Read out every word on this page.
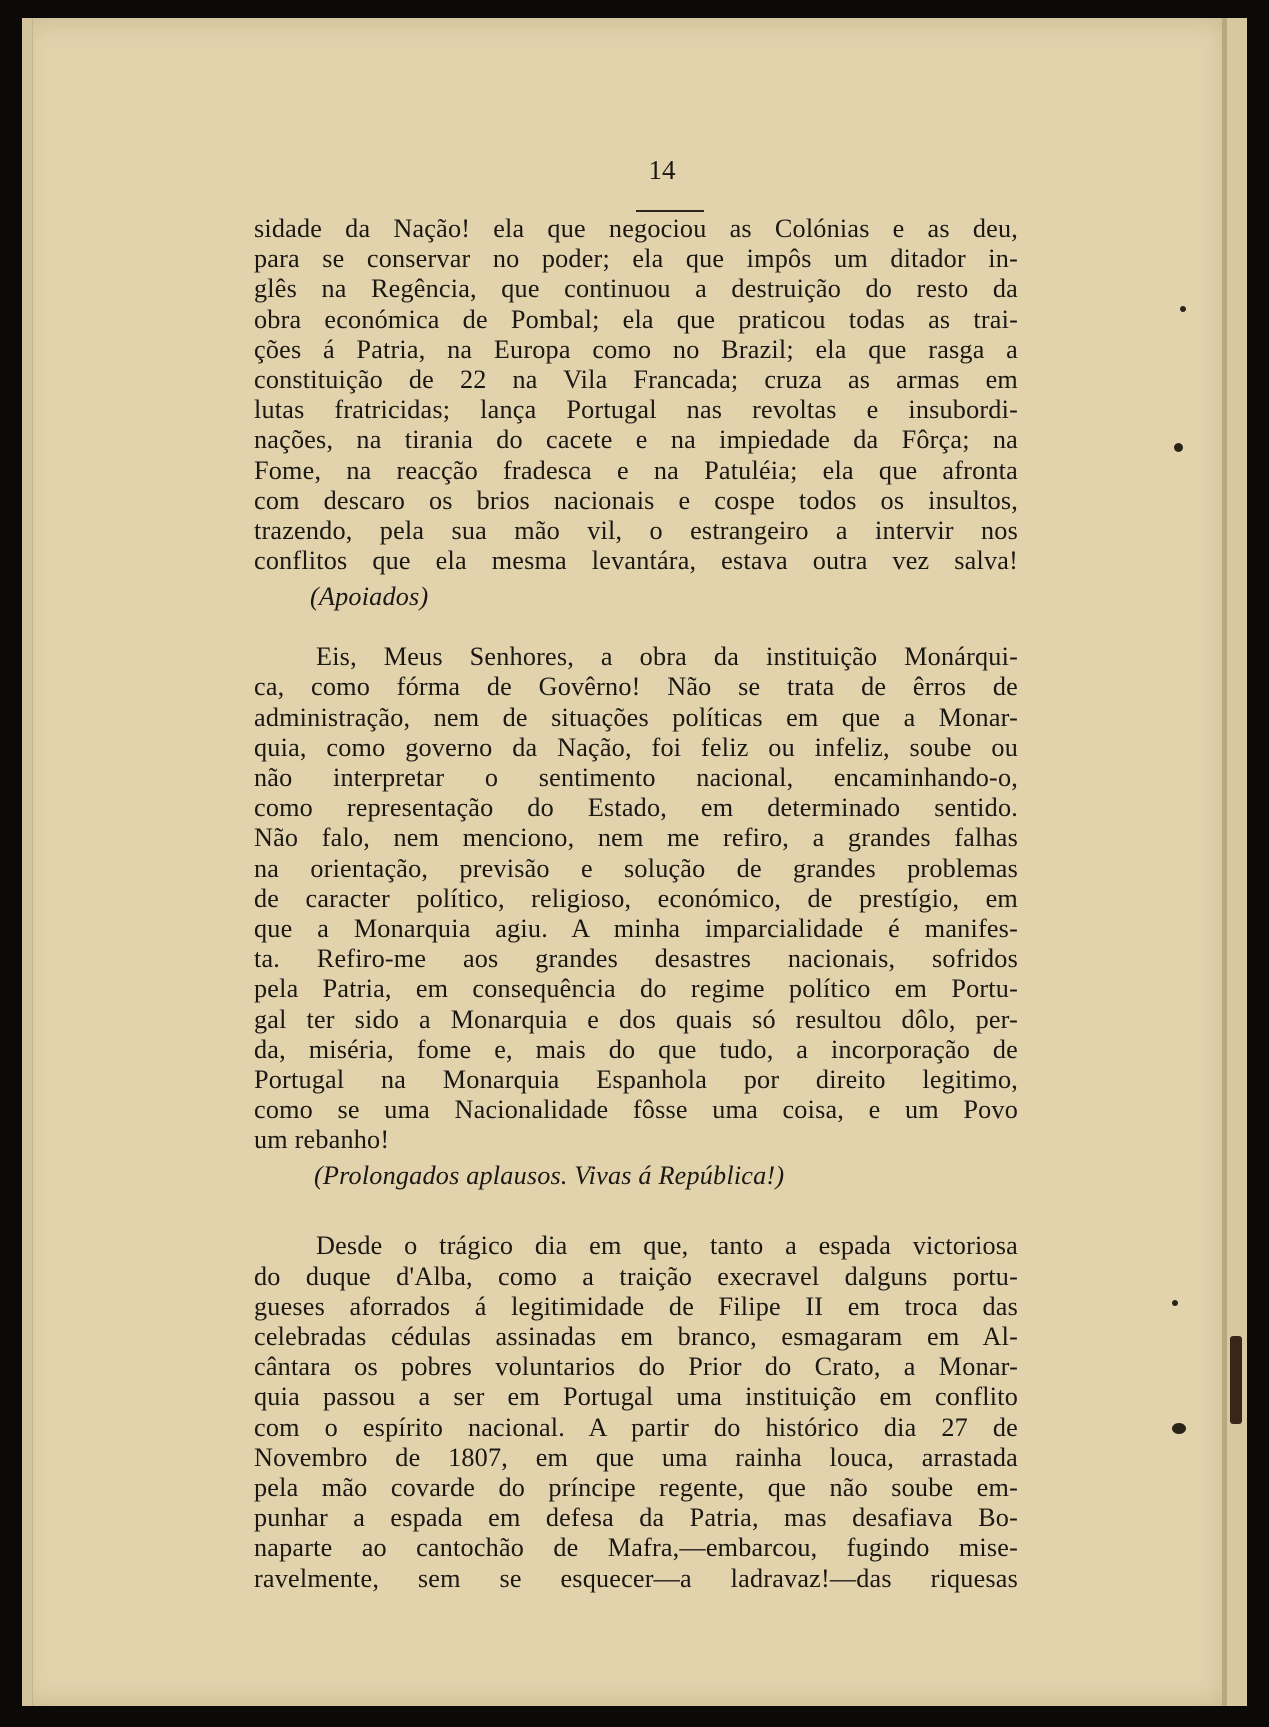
14
sidade da Nação! ela que negociou as Colónias e as deu,
para se conservar no poder; ela que impôs um ditador in-
glês na Regência, que continuou a destruição do resto da
obra económica de Pombal; ela que praticou todas as trai-
ções á Patria, na Europa como no Brazil; ela que rasga a
constituição de 22 na Vila Francada; cruza as armas em
lutas fratricidas; lança Portugal nas revoltas e insubordi-
nações, na tirania do cacete e na impiedade da Fôrça; na
Fome, na reacção fradesca e na Patuléia; ela que afronta
com descaro os brios nacionais e cospe todos os insultos,
trazendo, pela sua mão vil, o estrangeiro a intervir nos
conflitos que ela mesma levantára, estava outra vez salva!
(Apoiados)
Eis, Meus Senhores, a obra da instituição Monárqui-
ca, como fórma de Govêrno! Não se trata de êrros de
administração, nem de situações políticas em que a Monar-
quia, como governo da Nação, foi feliz ou infeliz, soube ou
não interpretar o sentimento nacional, encaminhando-o,
como representação do Estado, em determinado sentido.
Não falo, nem menciono, nem me refiro, a grandes falhas
na orientação, previsão e solução de grandes problemas
de caracter político, religioso, económico, de prestígio, em
que a Monarquia agiu. A minha imparcialidade é manifes-
ta. Refiro-me aos grandes desastres nacionais, sofridos
pela Patria, em consequência do regime político em Portu-
gal ter sido a Monarquia e dos quais só resultou dôlo, per-
da, miséria, fome e, mais do que tudo, a incorporação de
Portugal na Monarquia Espanhola por direito legitimo,
como se uma Nacionalidade fôsse uma coisa, e um Povo
um rebanho!
(Prolongados aplausos. Vivas á República!)
Desde o trágico dia em que, tanto a espada victoriosa
do duque d'Alba, como a traição execravel dalguns portu-
gueses aforrados á legitimidade de Filipe II em troca das
celebradas cédulas assinadas em branco, esmagaram em Al-
cântara os pobres voluntarios do Prior do Crato, a Monar-
quia passou a ser em Portugal uma instituição em conflito
com o espírito nacional. A partir do histórico dia 27 de
Novembro de 1807, em que uma rainha louca, arrastada
pela mão covarde do príncipe regente, que não soube em-
punhar a espada em defesa da Patria, mas desafiava Bo-
naparte ao cantochão de Mafra,—embarcou, fugindo mise-
ravelmente, sem se esquecer—a ladravaz!—das riquesas
